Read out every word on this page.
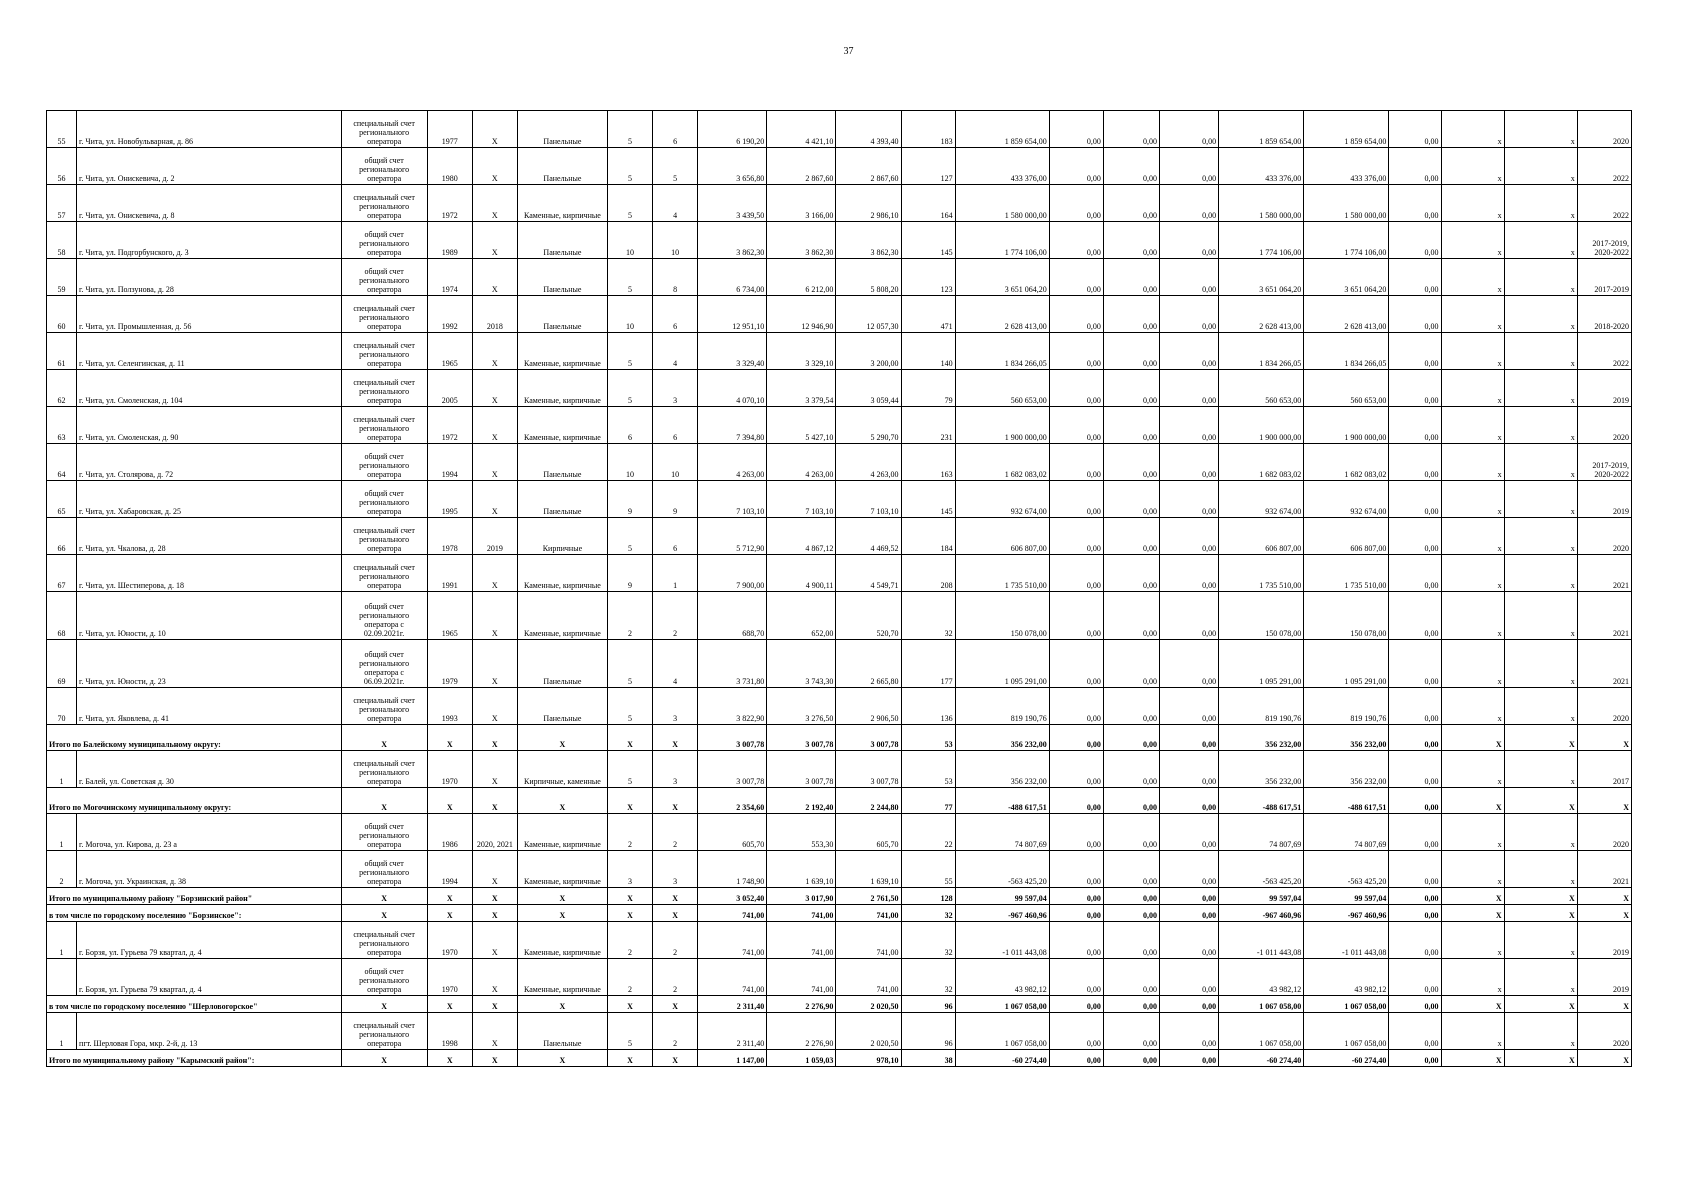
37
55	г. Чита, ул. Новобульварная, д. 86	специальный счет регионального оператора	1977	Х	Панельные	5	6	6 190,20	4 421,10	4 393,40	183	1 859 654,00	0,00	0,00	0,00	1 859 654,00	1 859 654,00	0,00	х	х	2020
56	г. Чита, ул. Онискевича, д. 2	общий счет регионального оператора	1980	Х	Панельные	5	5	3 656,80	2 867,60	2 867,60	127	433 376,00	0,00	0,00	0,00	433 376,00	433 376,00	0,00	х	х	2022
57	г. Чита, ул. Онискевича, д. 8	специальный счет регионального оператора	1972	Х	Каменные, кирпичные	5	4	3 439,50	3 166,00	2 986,10	164	1 580 000,00	0,00	0,00	0,00	1 580 000,00	1 580 000,00	0,00	х	х	2022
58	г. Чита, ул. Подгорбунского, д. 3	общий счет регионального оператора	1989	Х	Панельные	10	10	3 862,30	3 862,30	3 862,30	145	1 774 106,00	0,00	0,00	0,00	1 774 106,00	1 774 106,00	0,00	х	х	2017-2019, 2020-2022
59	г. Чита, ул. Ползунова, д. 28	общий счет регионального оператора	1974	Х	Панельные	5	8	6 734,00	6 212,00	5 808,20	123	3 651 064,20	0,00	0,00	0,00	3 651 064,20	3 651 064,20	0,00	х	х	2017-2019
60	г. Чита, ул. Промышленная, д. 56	специальный счет регионального оператора	1992	2018	Панельные	10	6	12 951,10	12 946,90	12 057,30	471	2 628 413,00	0,00	0,00	0,00	2 628 413,00	2 628 413,00	0,00	х	х	2018-2020
61	г. Чита, ул. Селенгинская, д. 11	специальный счет регионального оператора	1965	Х	Каменные, кирпичные	5	4	3 329,40	3 329,10	3 200,00	140	1 834 266,05	0,00	0,00	0,00	1 834 266,05	1 834 266,05	0,00	х	х	2022
62	г. Чита, ул. Смоленская, д. 104	специальный счет регионального оператора	2005	Х	Каменные, кирпичные	5	3	4 070,10	3 379,54	3 059,44	79	560 653,00	0,00	0,00	0,00	560 653,00	560 653,00	0,00	х	х	2019
63	г. Чита, ул. Смоленская, д. 90	специальный счет регионального оператора	1972	Х	Каменные, кирпичные	6	6	7 394,80	5 427,10	5 290,70	231	1 900 000,00	0,00	0,00	0,00	1 900 000,00	1 900 000,00	0,00	х	х	2020
64	г. Чита, ул. Столярова, д. 72	общий счет регионального оператора	1994	Х	Панельные	10	10	4 263,00	4 263,00	4 263,00	163	1 682 083,02	0,00	0,00	0,00	1 682 083,02	1 682 083,02	0,00	х	х	2017-2019, 2020-2022
65	г. Чита, ул. Хабаровская, д. 25	общий счет регионального оператора	1995	Х	Панельные	9	9	7 103,10	7 103,10	7 103,10	145	932 674,00	0,00	0,00	0,00	932 674,00	932 674,00	0,00	х	х	2019
66	г. Чита, ул. Чкалова, д. 28	специальный счет регионального оператора	1978	2019	Кирпичные	5	6	5 712,90	4 867,12	4 469,52	184	606 807,00	0,00	0,00	0,00	606 807,00	606 807,00	0,00	х	х	2020
67	г. Чита, ул. Шестиперова, д. 18	специальный счет регионального оператора	1991	Х	Каменные, кирпичные	9	1	7 900,00	4 900,11	4 549,71	208	1 735 510,00	0,00	0,00	0,00	1 735 510,00	1 735 510,00	0,00	х	х	2021
68	г. Чита, ул. Юности, д. 10	общий счет регионального оператора с 02.09.2021г.	1965	Х	Каменные, кирпичные	2	2	688,70	652,00	520,70	32	150 078,00	0,00	0,00	0,00	150 078,00	150 078,00	0,00	х	х	2021
69	г. Чита, ул. Юности, д. 23	общий счет регионального оператора с 06.09.2021г.	1979	Х	Панельные	5	4	3 731,80	3 743,30	2 665,80	177	1 095 291,00	0,00	0,00	0,00	1 095 291,00	1 095 291,00	0,00	х	х	2021
70	г. Чита, ул. Яковлева, д. 41	специальный счет регионального оператора	1993	Х	Панельные	5	3	3 822,90	3 276,50	2 906,50	136	819 190,76	0,00	0,00	0,00	819 190,76	819 190,76	0,00	х	х	2020
Итого по Балейскому муниципальному округу:		Х	Х	Х	Х	Х	Х	3 007,78	3 007,78	3 007,78	53	356 232,00	0,00	0,00	0,00	356 232,00	356 232,00	0,00	Х	Х	Х
1	г. Балей, ул. Советская д. 30	специальный счет регионального оператора	1970	Х	Кирпичные, каменные	5	3	3 007,78	3 007,78	3 007,78	53	356 232,00	0,00	0,00	0,00	356 232,00	356 232,00	0,00	х	х	2017
Итого по Могочинскому муниципальному округу:		Х	Х	Х	Х	Х	Х	2 354,60	2 192,40	2 244,80	77	-488 617,51	0,00	0,00	0,00	-488 617,51	-488 617,51	0,00	Х	Х	Х
1	г. Могоча, ул. Кирова, д. 23 а	общий счет регионального оператора	1986	2020, 2021	Каменные, кирпичные	2	2	605,70	553,30	605,70	22	74 807,69	0,00	0,00	0,00	74 807,69	74 807,69	0,00	х	х	2020
2	г. Могоча, ул. Украинская, д. 38	общий счет регионального оператора	1994	Х	Каменные, кирпичные	3	3	1 748,90	1 639,10	1 639,10	55	-563 425,20	0,00	0,00	0,00	-563 425,20	-563 425,20	0,00	х	х	2021
Итого по муниципальному району "Борзинский район"		Х	Х	Х	Х	Х	Х	3 052,40	3 017,90	2 761,50	128	99 597,04	0,00	0,00	0,00	99 597,04	99 597,04	0,00	Х	Х	Х
в том числе по городскому поселению "Борзинское":		Х	Х	Х	Х	Х	Х	741,00	741,00	741,00	32	-967 460,96	0,00	0,00	0,00	-967 460,96	-967 460,96	0,00	Х	Х	Х
1	г. Борзя, ул. Гурьева 79 квартал, д. 4	специальный счет регионального оператора	1970	Х	Каменные, кирпичные	2	2	741,00	741,00	741,00	32	-1 011 443,08	0,00	0,00	0,00	-1 011 443,08	-1 011 443,08	0,00	х	х	2019
	г. Борзя, ул. Гурьева 79 квартал, д. 4	общий счет регионального оператора	1970	Х	Каменные, кирпичные	2	2	741,00	741,00	741,00	32	43 982,12	0,00	0,00	0,00	43 982,12	43 982,12	0,00	х	х	2019
в том числе по городскому поселению "Шерловогорское"		Х	Х	Х	Х	Х	Х	2 311,40	2 276,90	2 020,50	96	1 067 058,00	0,00	0,00	0,00	1 067 058,00	1 067 058,00	0,00	Х	Х	Х
1	пгт. Шерловая Гора, мкр. 2-й, д. 13	специальный счет регионального оператора	1998	Х	Панельные	5	2	2 311,40	2 276,90	2 020,50	96	1 067 058,00	0,00	0,00	0,00	1 067 058,00	1 067 058,00	0,00	х	х	2020
Итого по муниципальному району "Карымский район":		Х	Х	Х	Х	Х	Х	1 147,00	1 059,03	978,10	38	-60 274,40	0,00	0,00	0,00	-60 274,40	-60 274,40	0,00	Х	Х	Х
